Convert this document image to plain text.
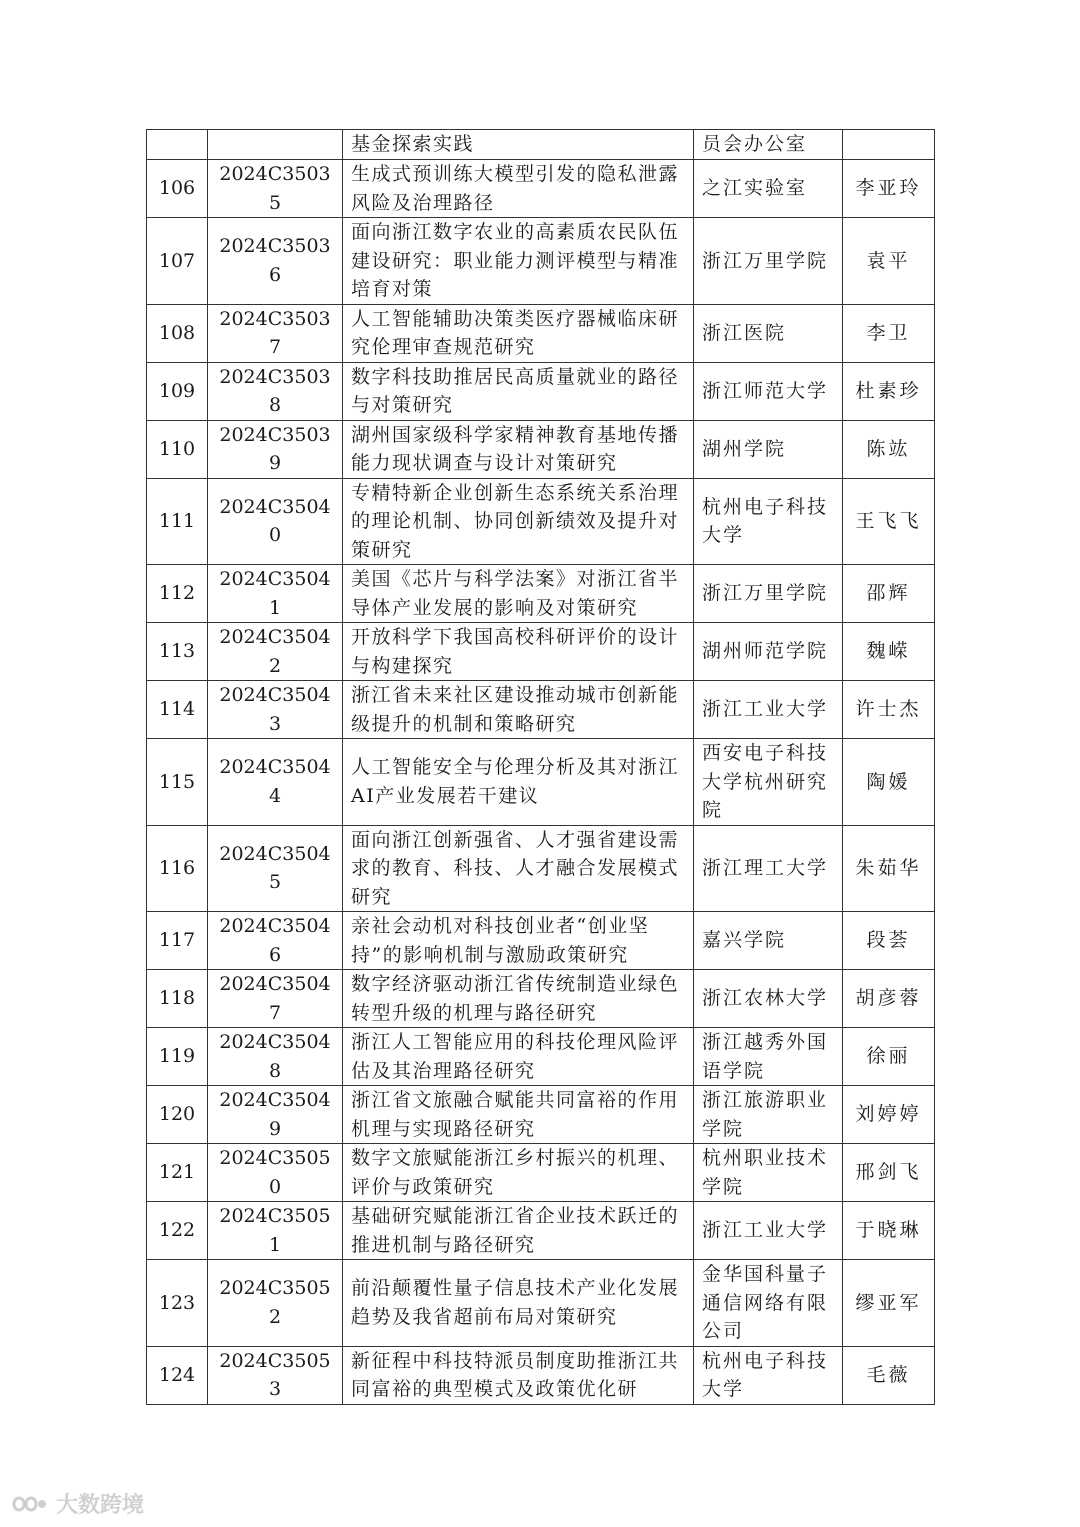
		基金探索实践	员会办公室	
106	2024C35035	生成式预训练大模型引发的隐私泄露风险及治理路径	之江实验室	李亚玲
107	2024C35036	面向浙江数字农业的高素质农民队伍建设研究：职业能力测评模型与精准培育对策	浙江万里学院	袁平
108	2024C35037	人工智能辅助决策类医疗器械临床研究伦理审查规范研究	浙江医院	李卫
109	2024C35038	数字科技助推居民高质量就业的路径与对策研究	浙江师范大学	杜素珍
110	2024C35039	湖州国家级科学家精神教育基地传播能力现状调查与设计对策研究	湖州学院	陈竑
111	2024C35040	专精特新企业创新生态系统关系治理的理论机制、协同创新绩效及提升对策研究	杭州电子科技大学	王飞飞
112	2024C35041	美国《芯片与科学法案》对浙江省半导体产业发展的影响及对策研究	浙江万里学院	邵辉
113	2024C35042	开放科学下我国高校科研评价的设计与构建探究	湖州师范学院	魏嵘
114	2024C35043	浙江省未来社区建设推动城市创新能级提升的机制和策略研究	浙江工业大学	许士杰
115	2024C35044	人工智能安全与伦理分析及其对浙江AI产业发展若干建议	西安电子科技大学杭州研究院	陶媛
116	2024C35045	面向浙江创新强省、人才强省建设需求的教育、科技、人才融合发展模式研究	浙江理工大学	朱茹华
117	2024C35046	亲社会动机对科技创业者“创业坚持”的影响机制与激励政策研究	嘉兴学院	段荟
118	2024C35047	数字经济驱动浙江省传统制造业绿色转型升级的机理与路径研究	浙江农林大学	胡彦蓉
119	2024C35048	浙江人工智能应用的科技伦理风险评估及其治理路径研究	浙江越秀外国语学院	徐丽
120	2024C35049	浙江省文旅融合赋能共同富裕的作用机理与实现路径研究	浙江旅游职业学院	刘婷婷
121	2024C35050	数字文旅赋能浙江乡村振兴的机理、评价与政策研究	杭州职业技术学院	邢剑飞
122	2024C35051	基础研究赋能浙江省企业技术跃迁的推进机制与路径研究	浙江工业大学	于晓琳
123	2024C35052	前沿颠覆性量子信息技术产业化发展趋势及我省超前布局对策研究	金华国科量子通信网络有限公司	缪亚军
124	2024C35053	新征程中科技特派员制度助推浙江共同富裕的典型模式及政策优化研	杭州电子科技大学	毛薇
大数跨境
